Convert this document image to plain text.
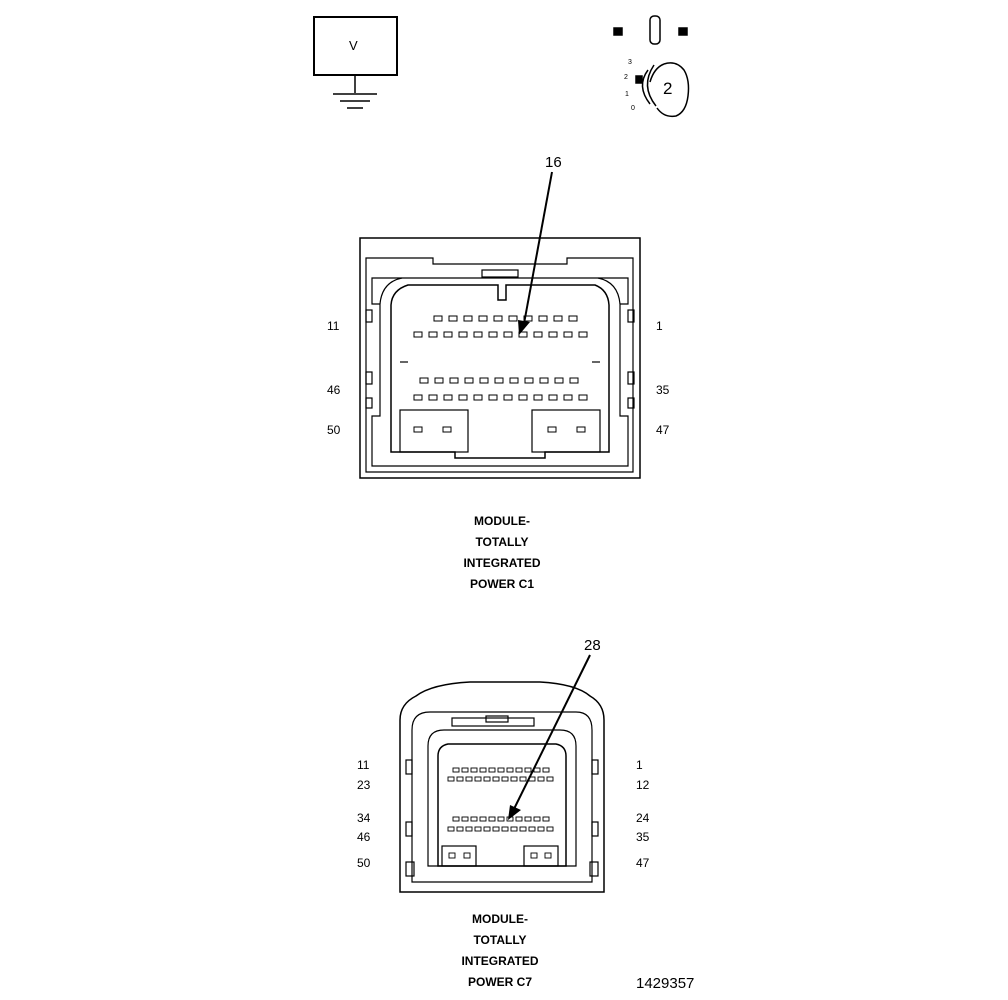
V
3
2
1
0
2
16
11	1
46	35
50	47
MODULE-
TOTALLY
INTEGRATED
POWER C1
28
11	1
23	12
34	24
46	35
50	47
MODULE-
TOTALLY
INTEGRATED
POWER C7	1429357
